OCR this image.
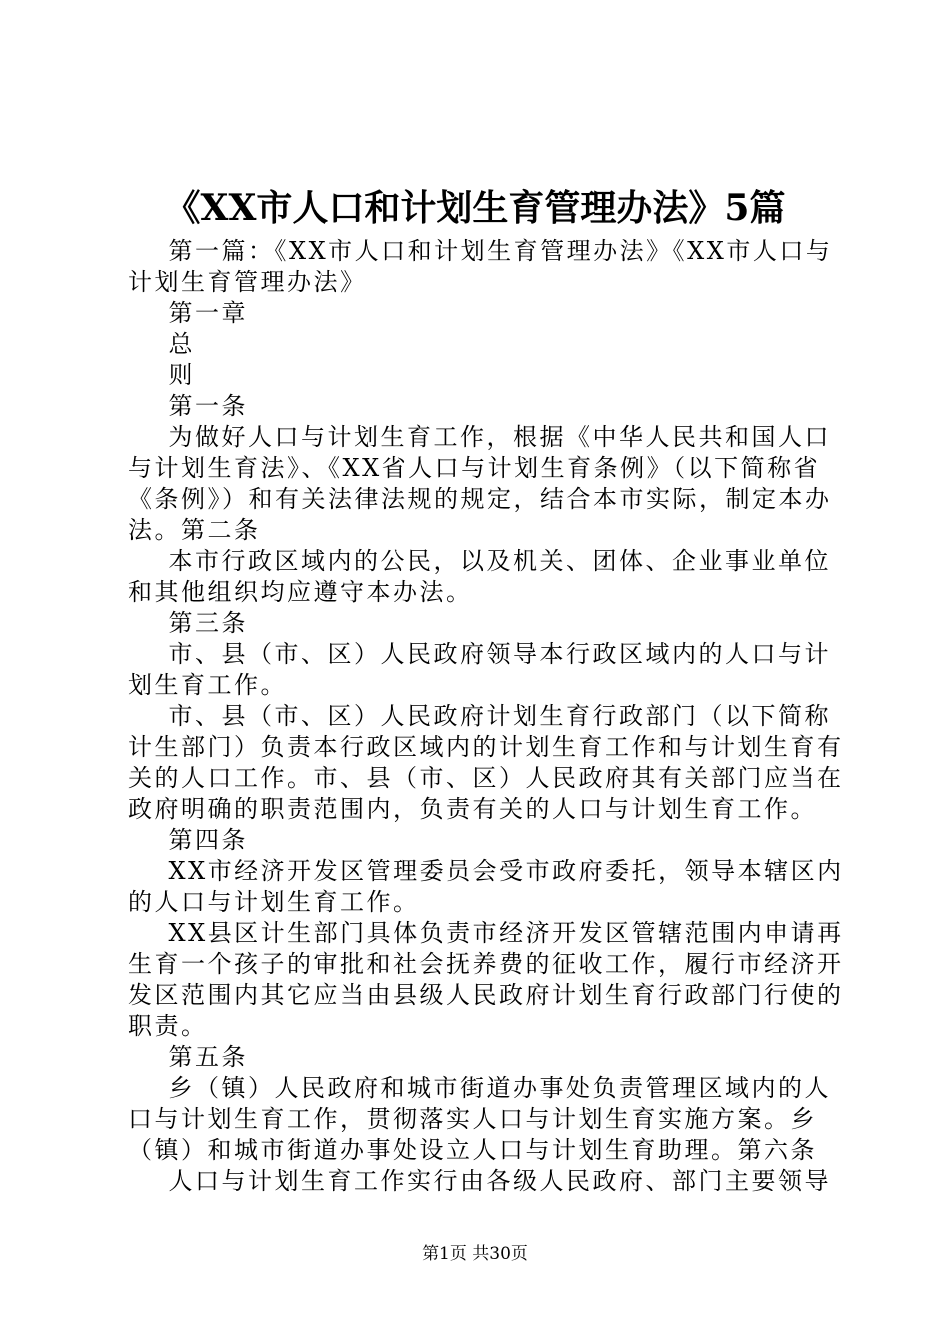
《XX市人口和计划生育管理办法》5篇
第一篇：《XX市人口和计划生育管理办法》《XX市人口与
计划生育管理办法》
第一章
总
则
第一条
为做好人口与计划生育工作，根据《中华人民共和国人口
与计划生育法》、《XX省人口与计划生育条例》（以下简称省
《条例》）和有关法律法规的规定，结合本市实际，制定本办
法。第二条
本市行政区域内的公民，以及机关、团体、企业事业单位
和其他组织均应遵守本办法。
第三条
市、县（市、区）人民政府领导本行政区域内的人口与计
划生育工作。
市、县（市、区）人民政府计划生育行政部门（以下简称
计生部门）负责本行政区域内的计划生育工作和与计划生育有
关的人口工作。市、县（市、区）人民政府其有关部门应当在
政府明确的职责范围内，负责有关的人口与计划生育工作。
第四条
XX市经济开发区管理委员会受市政府委托，领导本辖区内
的人口与计划生育工作。
XX县区计生部门具体负责市经济开发区管辖范围内申请再
生育一个孩子的审批和社会抚养费的征收工作，履行市经济开
发区范围内其它应当由县级人民政府计划生育行政部门行使的
职责。
第五条
乡（镇）人民政府和城市街道办事处负责管理区域内的人
口与计划生育工作，贯彻落实人口与计划生育实施方案。乡
（镇）和城市街道办事处设立人口与计划生育助理。第六条
人口与计划生育工作实行由各级人民政府、部门主要领导
第1页 共30页
